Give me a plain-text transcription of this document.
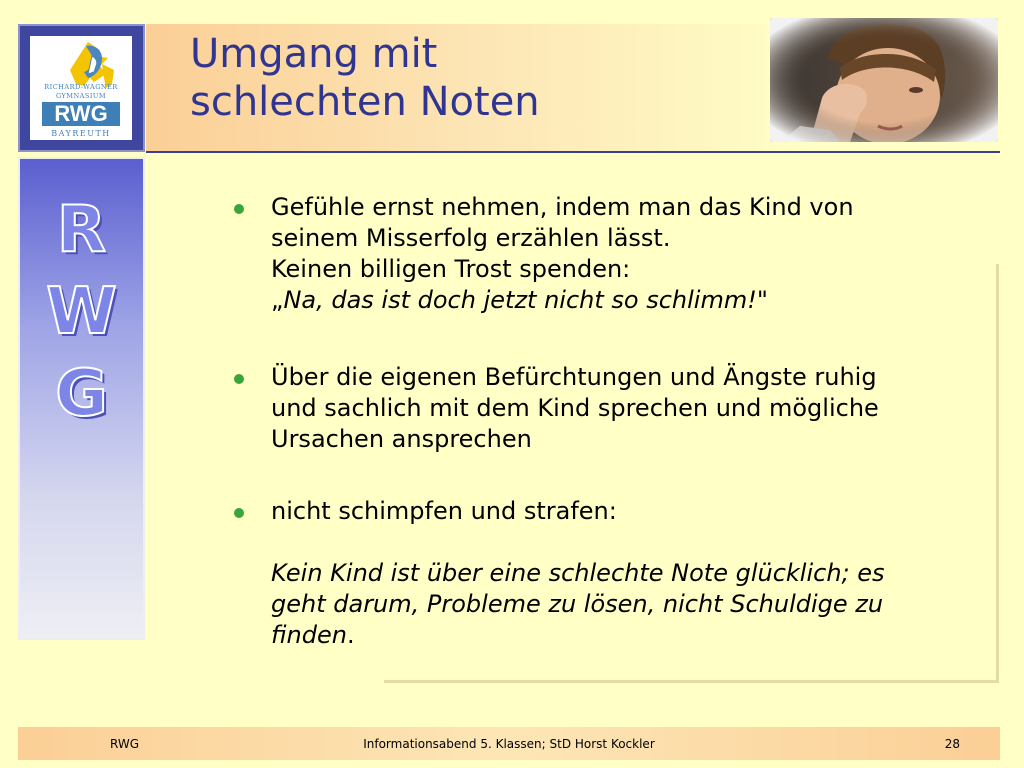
Umgang mit
schlechten Noten
RICHARD-WAGNER
GYMNASIUM
RWG
BAYREUTH
R
W
G
Gefühle ernst nehmen, indem man das Kind von
seinem Misserfolg erzählen lässt.
Keinen billigen Trost spenden:
„Na, das ist doch jetzt nicht so schlimm!"
Über die eigenen Befürchtungen und Ängste ruhig
und sachlich mit dem Kind sprechen und mögliche
Ursachen ansprechen
nicht schimpfen und strafen:
Kein Kind ist über eine schlechte Note glücklich; es
geht darum, Probleme zu lösen, nicht Schuldige zu
finden.
Informationsabend 5. Klassen; StD Horst Kockler
RWG	28
